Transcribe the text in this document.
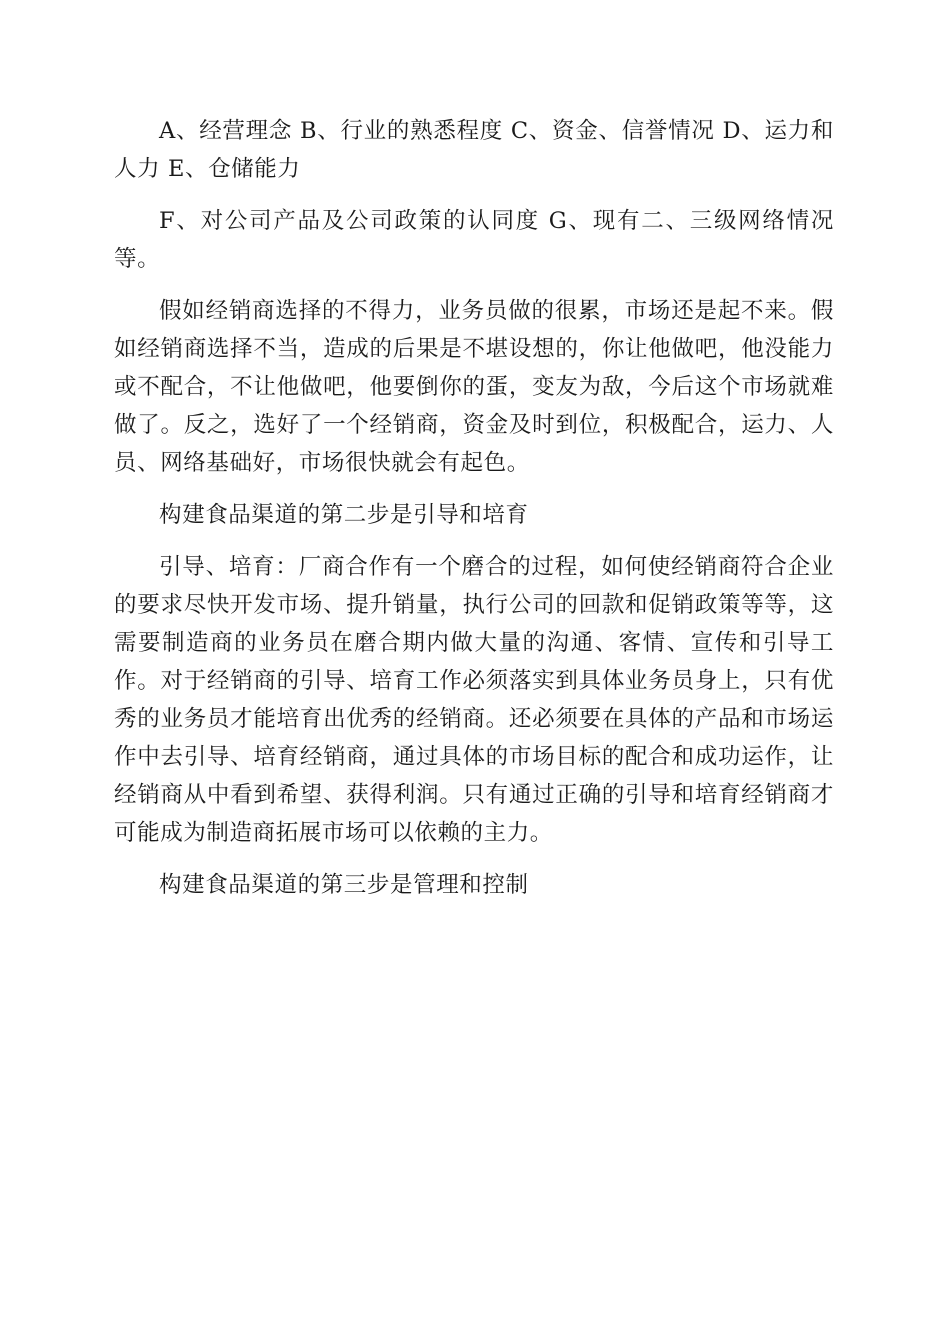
A、经营理念 B、行业的熟悉程度 C、资金、信誉情况 D、运力和人力 E、仓储能力

F、对公司产品及公司政策的认同度 G、现有二、三级网络情况等。

假如经销商选择的不得力，业务员做的很累，市场还是起不来。假如经销商选择不当，造成的后果是不堪设想的，你让他做吧，他没能力或不配合，不让他做吧，他要倒你的蛋，变友为敌，今后这个市场就难做了。反之，选好了一个经销商，资金及时到位，积极配合，运力、人员、网络基础好，市场很快就会有起色。

构建食品渠道的第二步是引导和培育

引导、培育：厂商合作有一个磨合的过程，如何使经销商符合企业的要求尽快开发市场、提升销量，执行公司的回款和促销政策等等，这需要制造商的业务员在磨合期内做大量的沟通、客情、宣传和引导工作。对于经销商的引导、培育工作必须落实到具体业务员身上，只有优秀的业务员才能培育出优秀的经销商。还必须要在具体的产品和市场运作中去引导、培育经销商，通过具体的市场目标的配合和成功运作，让经销商从中看到希望、获得利润。只有通过正确的引导和培育经销商才可能成为制造商拓展市场可以依赖的主力。

构建食品渠道的第三步是管理和控制
